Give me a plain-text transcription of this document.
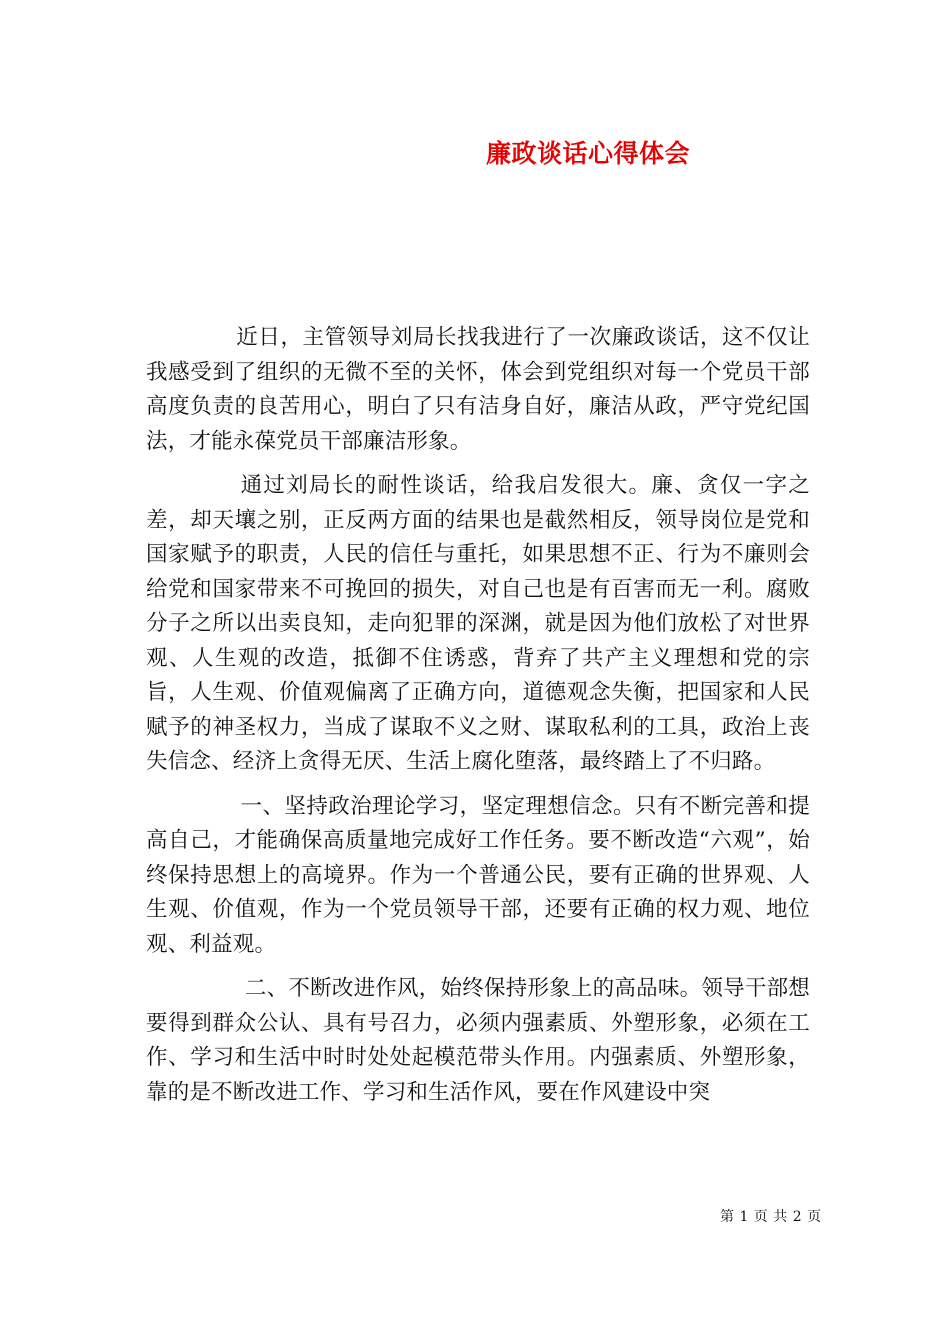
廉政谈话心得体会

近日，主管领导刘局长找我进行了一次廉政谈话，这不仅让我感受到了组织的无微不至的关怀，体会到党组织对每一个党员干部高度负责的良苦用心，明白了只有洁身自好，廉洁从政，严守党纪国法，才能永葆党员干部廉洁形象。

通过刘局长的耐性谈话，给我启发很大。廉、贪仅一字之差，却天壤之别，正反两方面的结果也是截然相反，领导岗位是党和国家赋予的职责，人民的信任与重托，如果思想不正、行为不廉则会给党和国家带来不可挽回的损失，对自己也是有百害而无一利。腐败分子之所以出卖良知，走向犯罪的深渊，就是因为他们放松了对世界观、人生观的改造，抵御不住诱惑，背弃了共产主义理想和党的宗旨，人生观、价值观偏离了正确方向，道德观念失衡，把国家和人民赋予的神圣权力，当成了谋取不义之财、谋取私利的工具，政治上丧失信念、经济上贪得无厌、生活上腐化堕落，最终踏上了不归路。

一、坚持政治理论学习，坚定理想信念。只有不断完善和提高自己，才能确保高质量地完成好工作任务。要不断改造“六观”，始终保持思想上的高境界。作为一个普通公民，要有正确的世界观、人生观、价值观，作为一个党员领导干部，还要有正确的权力观、地位观、利益观。

二、不断改进作风，始终保持形象上的高品味。领导干部想要得到群众公认、具有号召力，必须内强素质、外塑形象，必须在工作、学习和生活中时时处处起模范带头作用。内强素质、外塑形象，靠的是不断改进工作、学习和生活作风，要在作风建设中突

第 1 页 共 2 页
